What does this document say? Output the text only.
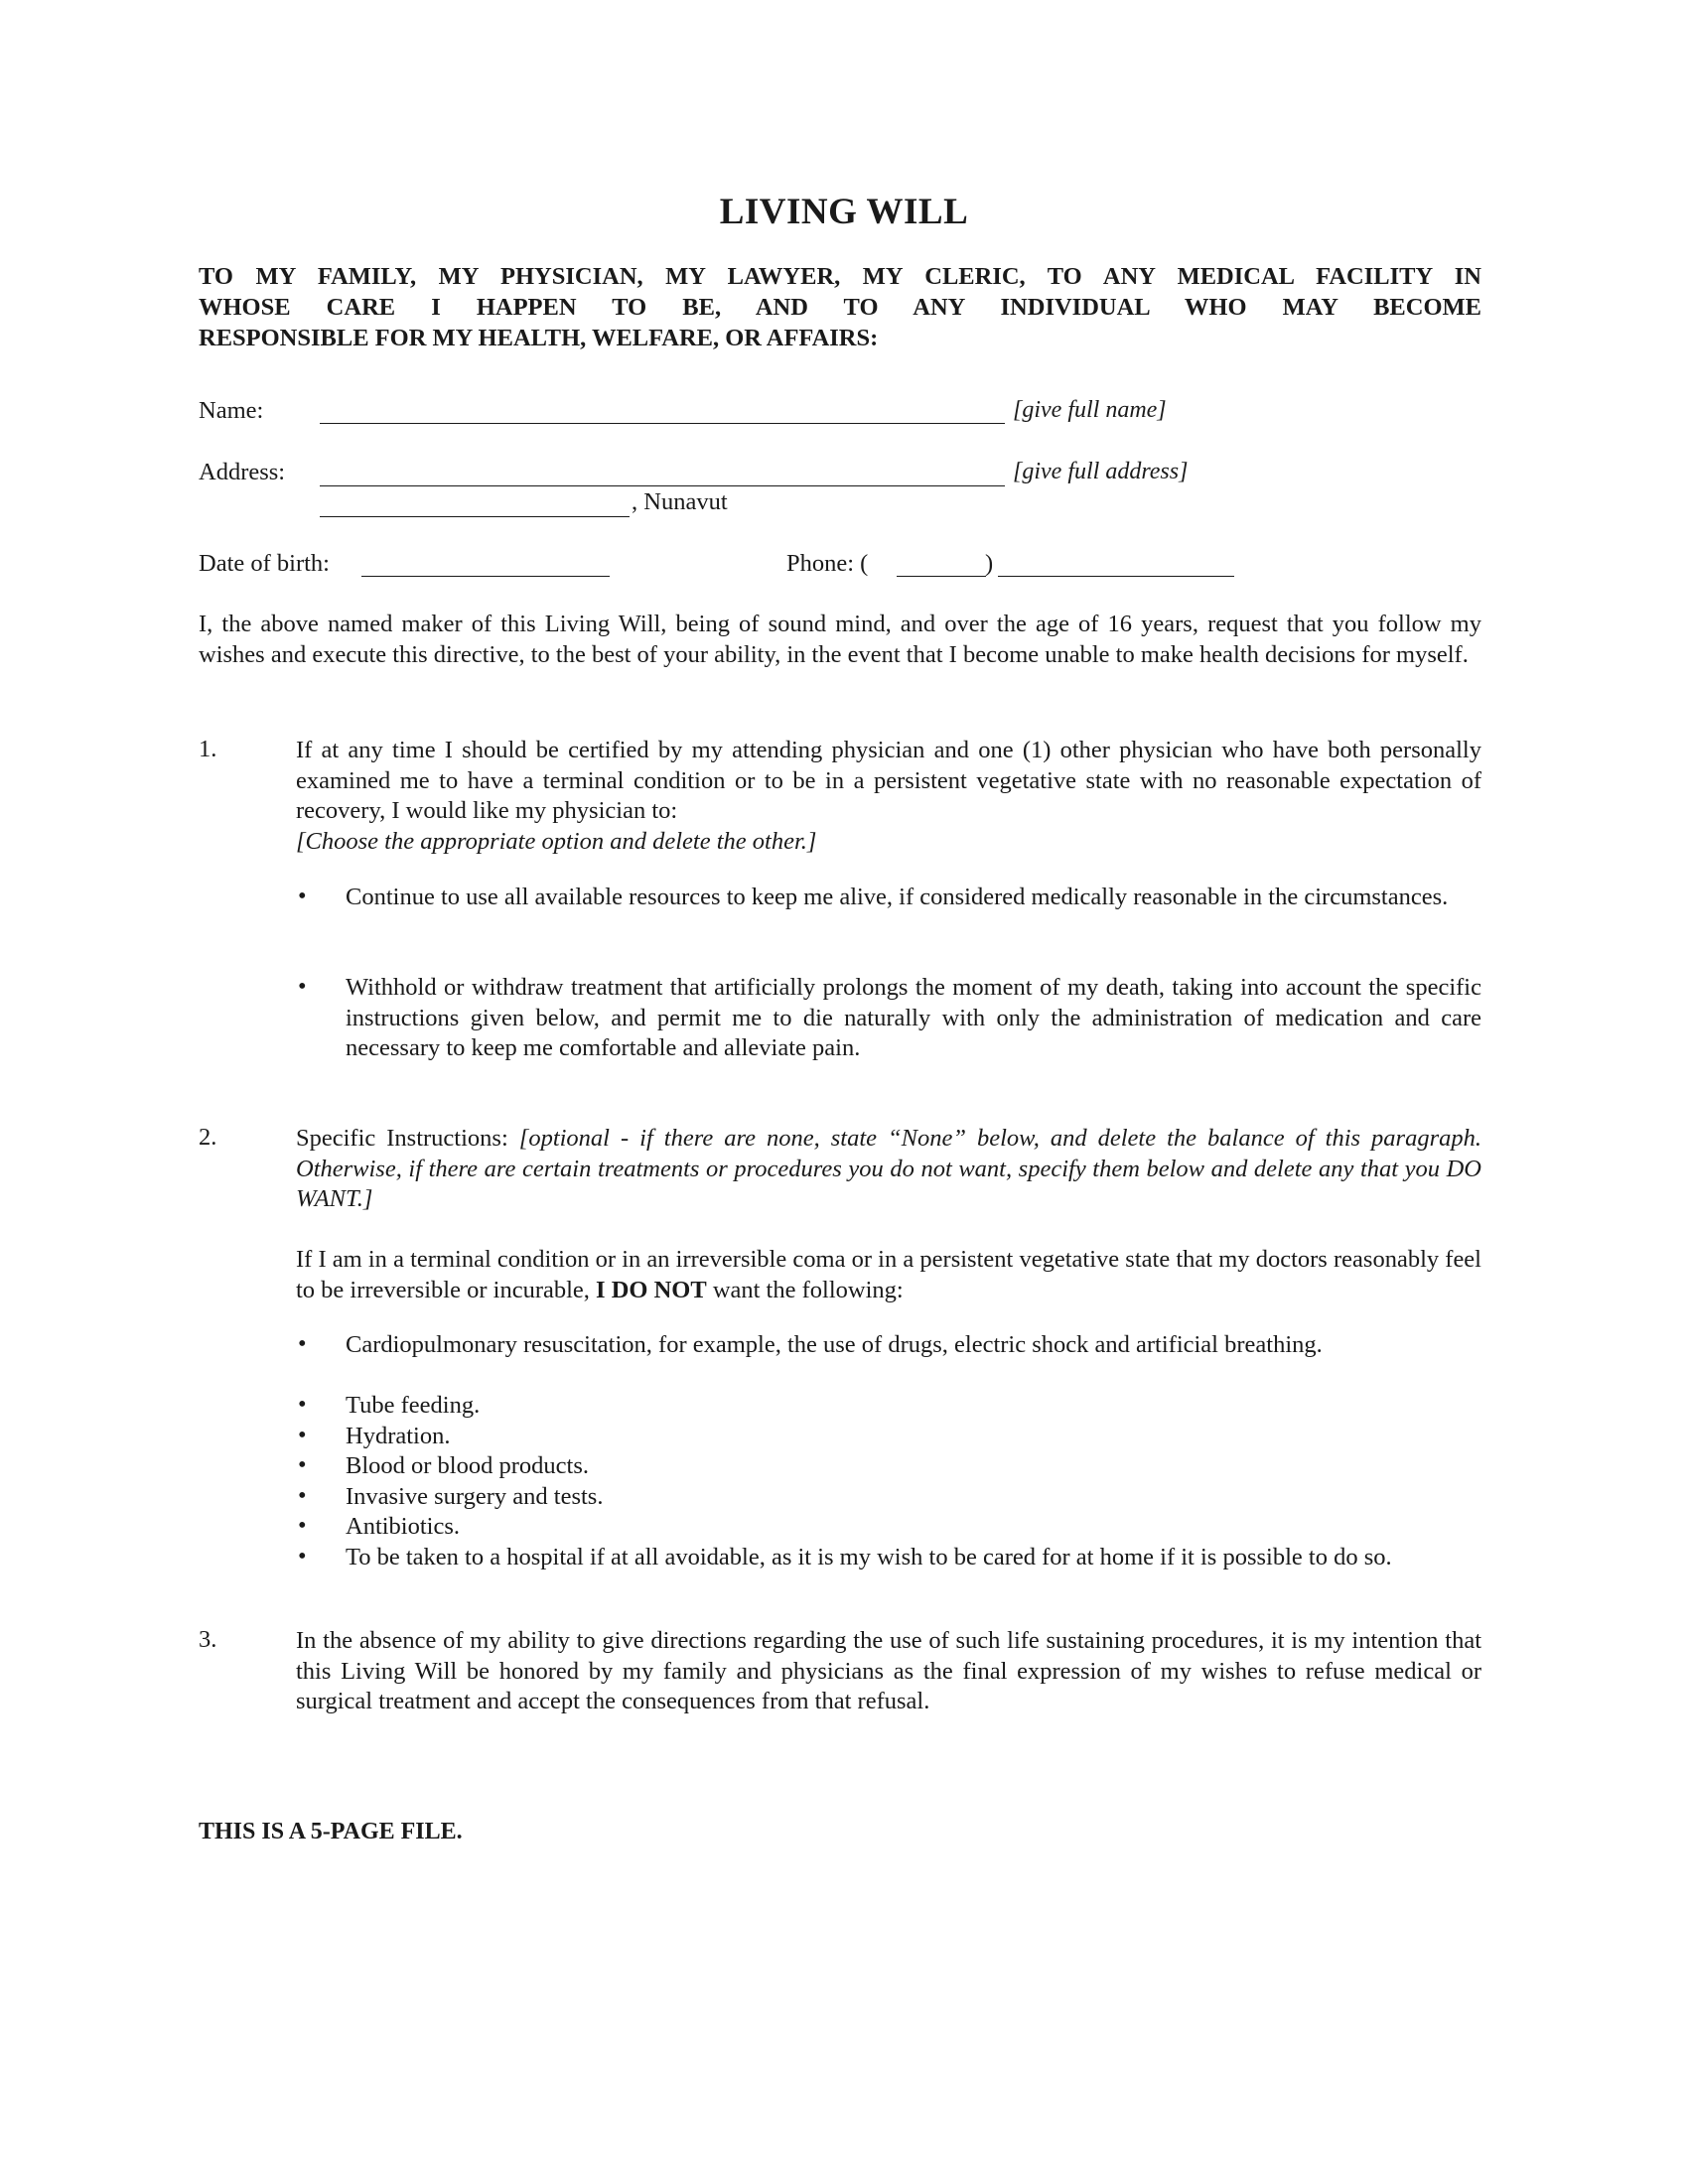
LIVING WILL
TO MY FAMILY, MY PHYSICIAN, MY LAWYER, MY CLERIC, TO ANY MEDICAL FACILITY IN
WHOSE CARE I HAPPEN TO BE, AND TO ANY INDIVIDUAL WHO MAY BECOME
RESPONSIBLE FOR MY HEALTH, WELFARE, OR AFFAIRS:
Name:	[give full name]
Address:	[give full address]
, Nunavut
Date of birth:	Phone: (	)
I, the above named maker of this Living Will, being of sound mind, and over the age of 16 years, request that you follow my wishes and execute this directive, to the best of your ability, in the event that I become unable to make health decisions for myself.
1.	If at any time I should be certified by my attending physician and one (1) other physician who have both personally examined me to have a terminal condition or to be in a persistent vegetative state with no reasonable expectation of recovery, I would like my physician to:
[Choose the appropriate option and delete the other.]
• Continue to use all available resources to keep me alive, if considered medically reasonable in the circumstances.
• Withhold or withdraw treatment that artificially prolongs the moment of my death, taking into account the specific instructions given below, and permit me to die naturally with only the administration of medication and care necessary to keep me comfortable and alleviate pain.
2.	Specific Instructions: [optional - if there are none, state “None” below, and delete the balance of this paragraph. Otherwise, if there are certain treatments or procedures you do not want, specify them below and delete any that you DO WANT.]
If I am in a terminal condition or in an irreversible coma or in a persistent vegetative state that my doctors reasonably feel to be irreversible or incurable, I DO NOT want the following:
• Cardiopulmonary resuscitation, for example, the use of drugs, electric shock and artificial breathing.
• Tube feeding.
• Hydration.
• Blood or blood products.
• Invasive surgery and tests.
• Antibiotics.
• To be taken to a hospital if at all avoidable, as it is my wish to be cared for at home if it is possible to do so.
3.	In the absence of my ability to give directions regarding the use of such life sustaining procedures, it is my intention that this Living Will be honored by my family and physicians as the final expression of my wishes to refuse medical or surgical treatment and accept the consequences from that refusal.
THIS IS A 5-PAGE FILE.
